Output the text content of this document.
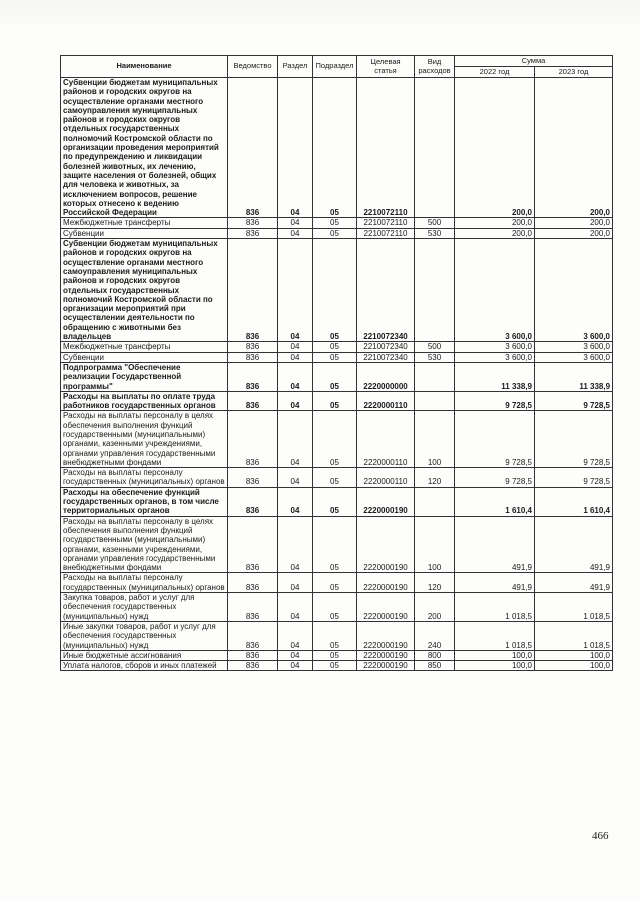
Наименование	Ведомство	Раздел	Подраздел	Целевая статья	Вид расходов	Сумма	
						2022 год	2023 год
Субвенции бюджетам муниципальных районов и городских округов на осуществление органами местного самоуправления муниципальных районов и городских округов отдельных государственных полномочий Костромской области по организации проведения мероприятий по предупреждению и ликвидации болезней животных, их лечению, защите населения от болезней, общих для человека и животных, за исключением вопросов, решение которых отнесено к ведению Российской Федерации	836	04	05	2210072110		200,0	200,0
Межбюджетные трансферты	836	04	05	2210072110	500	200,0	200,0
Субвенции	836	04	05	2210072110	530	200,0	200,0
Субвенции бюджетам муниципальных районов и городских округов на осуществление органами местного самоуправления муниципальных районов и городских округов отдельных государственных полномочий Костромской области по организации мероприятий при осуществлении деятельности по обращению с животными без владельцев	836	04	05	2210072340		3 600,0	3 600,0
Межбюджетные трансферты	836	04	05	2210072340	500	3 600,0	3 600,0
Субвенции	836	04	05	2210072340	530	3 600,0	3 600,0
Подпрограмма "Обеспечение реализации Государственной программы"	836	04	05	2220000000		11 338,9	11 338,9
Расходы на выплаты по оплате труда работников государственных органов	836	04	05	2220000110		9 728,5	9 728,5
Расходы на выплаты персоналу в целях обеспечения выполнения функций государственными (муниципальными) органами, казенными учреждениями, органами управления государственными внебюджетными фондами	836	04	05	2220000110	100	9 728,5	9 728,5
Расходы на выплаты персоналу государственных (муниципальных) органов	836	04	05	2220000110	120	9 728,5	9 728,5
Расходы на обеспечение функций государственных органов, в том числе территориальных органов	836	04	05	2220000190		1 610,4	1 610,4
Расходы на выплаты персоналу в целях обеспечения выполнения функций государственными (муниципальными) органами, казенными учреждениями, органами управления государственными внебюджетными фондами	836	04	05	2220000190	100	491,9	491,9
Расходы на выплаты персоналу государственных (муниципальных) органов	836	04	05	2220000190	120	491,9	491,9
Закупка товаров, работ и услуг для обеспечения государственных (муниципальных) нужд	836	04	05	2220000190	200	1 018,5	1 018,5
Иные закупки товаров, работ и услуг для обеспечения государственных (муниципальных) нужд	836	04	05	2220000190	240	1 018,5	1 018,5
Иные бюджетные ассигнования	836	04	05	2220000190	800	100,0	100,0
Уплата налогов, сборов и иных платежей	836	04	05	2220000190	850	100,0	100,0
466
